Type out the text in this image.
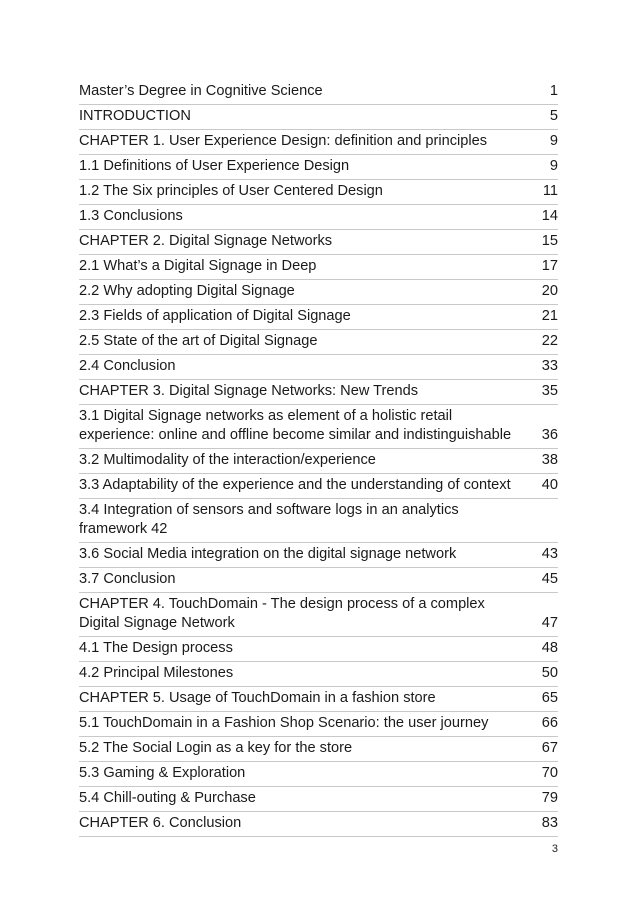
Master’s Degree in Cognitive Science	1
INTRODUCTION	5
CHAPTER 1. User Experience Design: definition and principles	9
1.1 Definitions of User Experience Design	9
1.2 The Six principles of User Centered Design	11
1.3 Conclusions	14
CHAPTER 2. Digital Signage Networks	15
2.1 What’s a Digital Signage in Deep	17
2.2 Why adopting Digital Signage	20
2.3 Fields of application of Digital Signage	21
2.5 State of the art of Digital Signage	22
2.4 Conclusion	33
CHAPTER 3. Digital Signage Networks: New Trends	35
3.1 Digital Signage networks as element of a holistic retail experience: online and offline become similar and indistinguishable	36
3.2 Multimodality of the interaction/experience	38
3.3 Adaptability of the experience and the understanding of context	40
3.4 Integration of sensors and software logs in an analytics framework 42
3.6 Social Media integration on the digital signage network	43
3.7 Conclusion	45
CHAPTER 4. TouchDomain - The design process of a complex Digital Signage Network	47
4.1 The Design process	48
4.2 Principal Milestones	50
CHAPTER 5. Usage of TouchDomain in a fashion store	65
5.1 TouchDomain in a Fashion Shop Scenario: the user journey	66
5.2 The Social Login as a key for the store	67
5.3 Gaming & Exploration	70
5.4 Chill-outing & Purchase	79
CHAPTER 6. Conclusion	83
3
